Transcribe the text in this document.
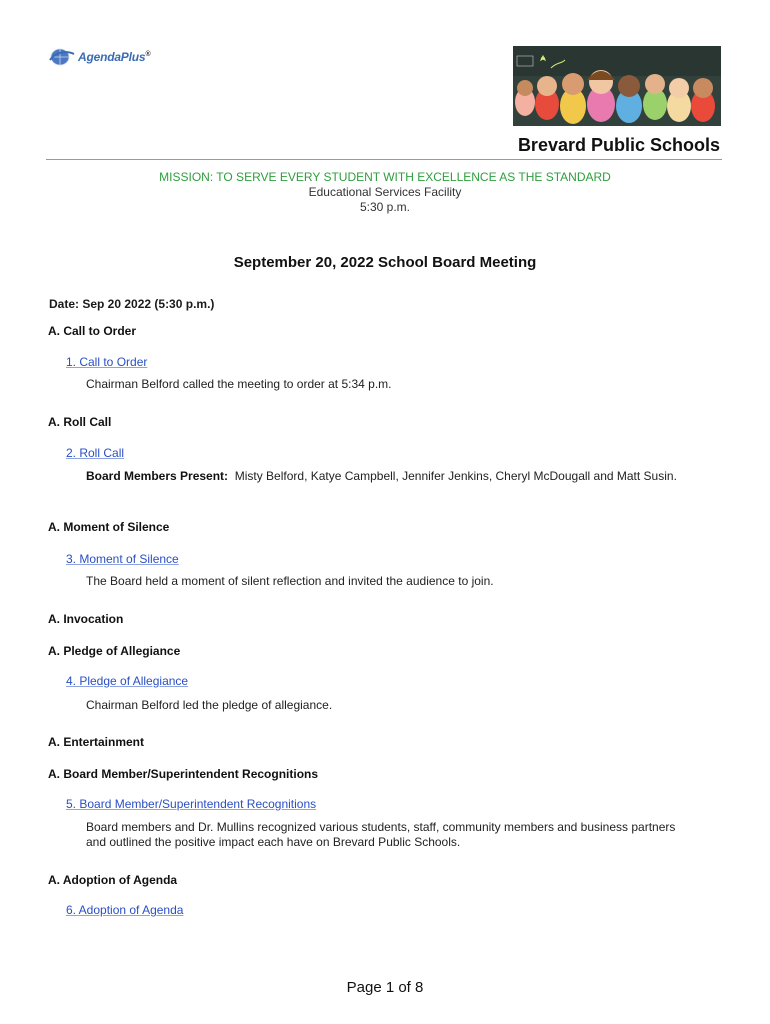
AgendaPlus®
Brevard Public Schools
MISSION: TO SERVE EVERY STUDENT WITH EXCELLENCE AS THE STANDARD
Educational Services Facility
5:30 p.m.
September 20, 2022 School Board Meeting
Date: Sep 20 2022 (5:30 p.m.)
A. Call to Order
1. Call to Order
Chairman Belford called the meeting to order at 5:34 p.m.
A. Roll Call
2. Roll Call
Board Members Present: Misty Belford, Katye Campbell, Jennifer Jenkins, Cheryl McDougall and Matt Susin.
A. Moment of Silence
3. Moment of Silence
The Board held a moment of silent reflection and invited the audience to join.
A. Invocation
A. Pledge of Allegiance
4. Pledge of Allegiance
Chairman Belford led the pledge of allegiance.
A. Entertainment
A. Board Member/Superintendent Recognitions
5. Board Member/Superintendent Recognitions
Board members and Dr. Mullins recognized various students, staff, community members and business partners and outlined the positive impact each have on Brevard Public Schools.
A. Adoption of Agenda
6. Adoption of Agenda
Page 1 of 8
